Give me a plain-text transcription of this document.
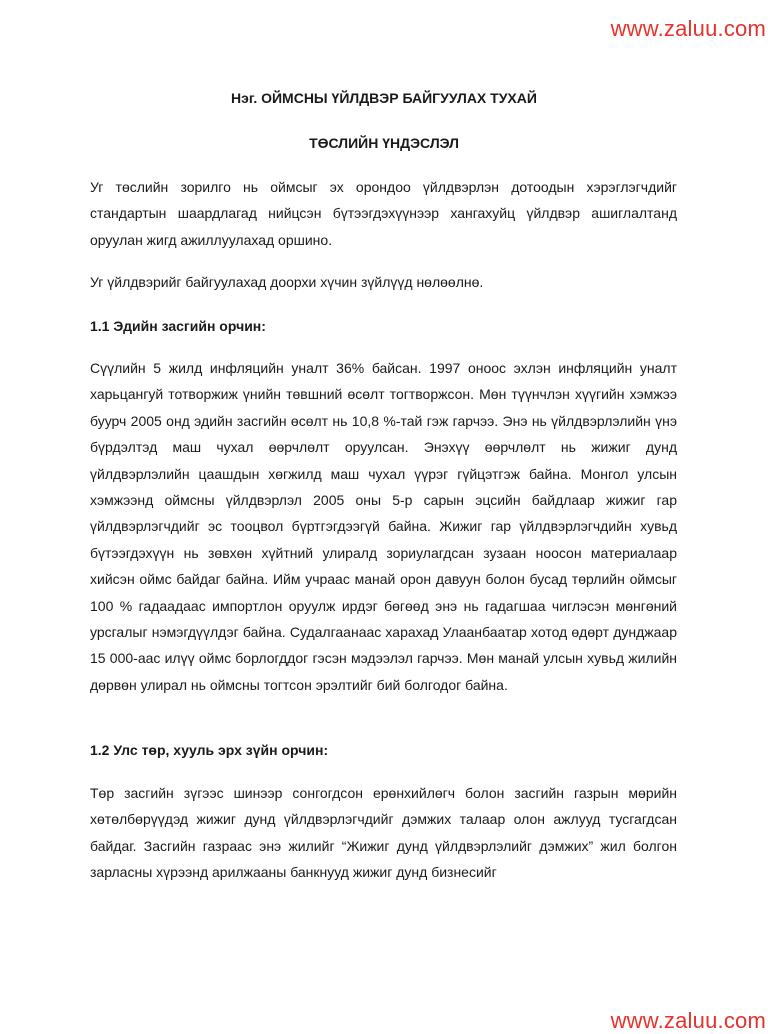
www.zaluu.com
Нэг. ОЙМСНЫ ҮЙЛДВЭР БАЙГУУЛАХ ТУХАЙ
ТӨСЛИЙН ҮНДЭСЛЭЛ

Уг төслийн зорилго нь оймсыг эх орондоо үйлдвэрлэн дотоодын хэрэглэгчдийг стандартын шаардлагад нийцсэн бүтээгдэхүүнээр хангахуйц үйлдвэр ашиглалтанд оруулан жигд ажиллуулахад оршино.

Уг үйлдвэрийг байгуулахад доорхи хүчин зүйлүүд нөлөөлнө.

1.1 Эдийн засгийн орчин:

Сүүлийн 5 жилд инфляцийн уналт 36% байсан. 1997 оноос эхлэн инфляцийн уналт харьцангуй тотворжиж үнийн төвшний өсөлт тогтворжсон. Мөн түүнчлэн хүүгийн хэмжээ буурч 2005 онд эдийн засгийн өсөлт нь 10,8 %-тай гэж гарчээ. Энэ нь үйлдвэрлэлийн үнэ бүрдэлтэд маш чухал өөрчлөлт оруулсан. Энэхүү өөрчлөлт нь жижиг дунд үйлдвэрлэлийн цаашдын хөгжилд маш чухал үүрэг гүйцэтгэж байна. Монгол улсын хэмжээнд оймсны үйлдвэрлэл 2005 оны 5-р сарын эцсийн байдлаар жижиг гар үйлдвэрлэгчдийг эс тооцвол бүртгэгдээгүй байна. Жижиг гар үйлдвэрлэгчдийн хувьд бүтээгдэхүүн нь зөвхөн хүйтний улиралд зориулагдсан зузаан ноосон материалаар хийсэн оймс байдаг байна. Ийм учраас манай орон давуун болон бусад төрлийн оймсыг 100 % гадаадаас импортлон оруулж ирдэг бөгөөд энэ нь гадагшаа чиглэсэн мөнгөний урсгалыг нэмэгдүүлдэг байна. Судалгаанаас харахад Улаанбаатар хотод өдөрт дунджаар 15 000-аас илүү оймс борлогддог гэсэн мэдээлэл гарчээ. Мөн манай улсын хувьд жилийн дөрвөн улирал нь оймсны тогтсон эрэлтийг бий болгодог байна.

1.2 Улс төр, хууль эрх зүйн орчин:

Төр засгийн зүгээс шинээр сонгогдсон ерөнхийлөгч болон засгийн газрын мөрийн хөтөлбөрүүдэд жижиг дунд үйлдвэрлэгчдийг дэмжих талаар олон ажлууд тусгагдсан байдаг. Засгийн газраас энэ жилийг “Жижиг дунд үйлдвэрлэлийг дэмжих” жил болгон зарласны хүрээнд арилжааны банкнууд жижиг дунд бизнесийг

www.zaluu.com
